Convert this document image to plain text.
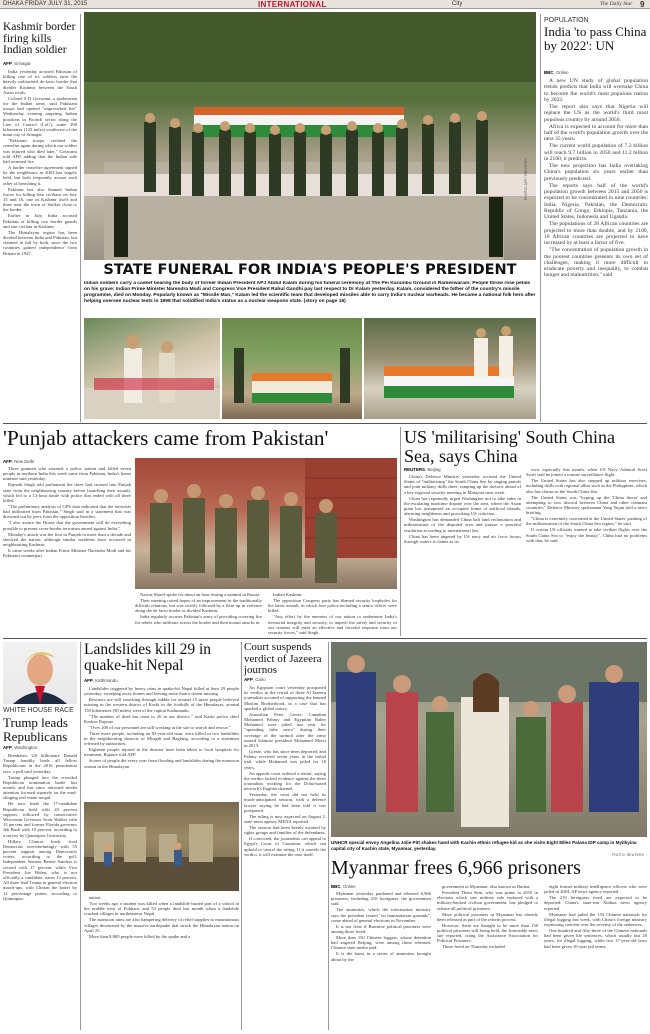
DHAKA FRIDAY JULY 31, 2015	INTERNATIONAL	City	The Daily Star 9
Kashmir border firing kills Indian soldier
AFP, Srinagar

India yesterday accused Pakistan of killing one of its soldiers near the heavily militarised de-facto border that divides Kashmir between the South Asian rivals.

Colonel S D Goswami, a spokesman for the Indian army, said Pakistani troops had opened "unprovoked fire" Wednesday evening targeting Indian positions in Poonch sector along the Line of Control (LoC), some 200 kilometres (125 miles) southwest of the main city of Srinagar.

"Pakistani troops violated the ceasefire again during which our soldier was injured who died later," Goswami told AFP, adding that the Indian side had returned fire.

A border ceasefire agreement signed by the neighbours in 2003 has largely held, but both frequently accuse each other of breaching it.

Pakistan has also blamed Indian forces for killing four civilians on July 15 and 16, one in Kashmir itself and three near the town of Sialkot close to the border.

Earlier in July, India accused Pakistan of killing two border guards and one civilian in Kashmir.

The Himalayan region has been divided between India and Pakistan, but claimed in full by both, since the two countries gained independence from Britain in 1947.

PHOTO: AFP / REUTERS
STATE FUNERAL FOR INDIA'S PEOPLE'S PRESIDENT
Indian soldiers carry a casket bearing the body of former Indian President APJ Abdul Kalam during his funeral ceremony at The Pei Karumbu Ground in Rameswaram; People throw rose petals on his grave; Indian Prime Minister Narendra Modi and Congress Vice President Rahul Gandhi pay last respect to Dr Kalam yesterday. Kalam, considered the father of the country's missile programme, died on Monday. Popularly known as "Missile Man," Kalam led the scientific team that developed missiles able to carry India's nuclear warheads. He became a national folk hero after helping oversee nuclear tests in 1998 that solidified India's status as a nuclear weapons state. (story on page 16)
POPULATION
India 'to pass China by 2022': UN
BBC, Online

A new UN study of global population trends predicts that India will overtake China to become the world's most populous nation by 2022.

The report also says that Nigeria will replace the US as the world's third most populous country by around 2050.

Africa is expected to account for more than half of the world's population growth over the next 35 years.

The current world population of 7.3 billion will reach 9.7 billion in 2050 and 11.2 billion in 2100, it predicts.

The new projection has India overtaking China's population six years earlier than previously predicted.

The reports says half of the world's population growth between 2015 and 2050 is expected to be concentrated in nine countries: India, Nigeria, Pakistan, the Democratic Republic of Congo, Ethiopia, Tanzania, the United States, Indonesia and Uganda.

The populations of 28 African countries are projected to more than double, and by 2100, 10 African countries are projected to have increased by at least a factor of five.

"The concentration of population growth in the poorest countries presents its own set of challenges, making it more difficult to eradicate poverty and inequality, to combat hunger and malnutrition," said

'Punjab attackers came from Pakistan'
AFP, New Delhi

Three gunmen who stormed a police station and killed seven people in northern India this week came from Pakistan, India's home minister said yesterday.

Rajnath Singh told parliament the three had crossed into Punjab state from the neighbouring country before launching their assault, which led to a 12-hour battle with police that ended with all three killed.

"The preliminary analysis of GPS data indicated that the terrorists had infiltrated from Pakistan," Singh said in a statement that was drowned out by jeers from the opposition benches.

"I also assure the House that the government will do everything possible to prevent cross-border terrorism aimed against India."

Monday's attack was the first in Punjab in more than a decade and shocked the nation, although similar incidents have occurred in neighbouring Kashmir.

It came weeks after Indian Prime Minister Narendra Modi and his Pakistani counterpart

Nawaz Sharif spoke for about an hour during a summit in Russia.

Their meeting raised hopes of an improvement in the traditionally difficult relations, but was swiftly followed by a flare-up in violence along the de facto border in divided Kashmir.

India regularly accuses Pakistan's army of providing covering fire for rebels who infiltrate across the border and then mount attacks in

Indian Kashmir.

The opposition Congress party has blamed security loopholes for the latest assault, in which four police including a senior officer were killed.

"Any effort by the enemies of our nation to undermine India's territorial integrity and security, to imperil the safety and security of our citizens will meet an effective and forceful response from our security forces," said Singh.

US 'militarising' South China Sea, says China
REUTERS, Beijing

China's Defence Ministry yesterday accused the United States of "militarising" the South China Sea by staging patrols and joint military drills there, ramping up the rhetoric ahead of a key regional security meeting in Malaysia next week.

China has repeatedly urged Washington not to take sides in the escalating maritime dispute over the area, where the Asian giant has juxtaposed an occupied frame of artificial islands, alarming neighbours and provoking US criticism.

Washington has demanded China halt land reclamation and militarisation of the disputed area and pursue a peaceful resolution according to international law.

China has been angered by US navy and air force forays through waters it claims as its

own, especially this month, when US Navy Admiral Scott Swift said he joined a routine surveillance flight.

The United States has also stepped up military exercises, including drills with regional allies such as the Philippines, which also has claims in the South China Sea.

The United States was "hyping up the 'China threat' and attempting to sow discord between China and other claimant countries," Defence Ministry spokesman Yang Yujun told a news briefing.

"China is extremely concerned at the United States' pushing of the militarisation of the South China Sea region," he said.

If certain US officials wanted to take civilian flights over the South China Sea to "enjoy the beauty", China had no problems with that, he said.

WHITE HOUSE RACE
Trump leads Republicans
AFP, Washington

Bombastic US billionaire Donald Trump handily leads all fellow Republicans in the 2016 presidential race, a poll said yesterday.

Trump plunged into the crowded Republican nomination battle last month, and has since attracted media attention focused squarely on the mud-slinging real estate mogul.

He now leads the 17-candidate Republican field with 20 percent support, followed by conservative Wisconsin Governor Scott Walker with 13 percent and former Florida governor Jeb Bush with 10 percent, according to a survey by Quinnipiac University.

Hillary Clinton leads rival Democrats overwhelmingly with 55 percent support among Democratic voters, according to the poll. Independent Senator Bernie Sanders is second with 17 percent, while Vice President Joe Biden, who is not officially a candidate, earns 13 percent. All three lead Trump in general election match-ups, with Clinton the hotter by 12 percentage points, according to Quinnipiac.

Landslides kill 29 in quake-hit Nepal
AFP, Kathmandu

Landslides triggered by heavy rains in quake-hit Nepal killed at least 29 people yesterday, sweeping away homes and leaving more than a dozen missing.

Rescuers are still searching through rubble for around 15 more people believed missing in the western district of Kaski in the foothills of the Himalayas, around 150 kilometres (90 miles) west of the capital Kathmandu.

"The number of dead has risen to 26 in our district," said Kaski police chief Keshav Rajaure.

"Over 200 of our personnel are still working at the site to search and rescue."

Three more people, including an 83-year-old man, were killed in two landslides in the neighbouring districts of Myagdi and Baglung, according to a statement released by authorities.

Eighteen people injured in the disaster have been taken to local hospitals for treatment, Rajaure told AFP.

Scores of people die every year from flooding and landslides during the monsoon season in the Himalayan

nation.

Two weeks ago a student was killed when a landslide buried part of a school in the middle west of Pokhara, and 53 people died last month when a landslide crushed villages in northeastern Nepal.

The monsoon rains are also hampering delivery of relief supplies to mountainous villages devastated by the massive earthquake that struck the Himalayan nation on April 25.

More than 8,800 people were killed by the quake and a

Court suspends verdict of Jazeera journos
AFP, Cairo

An Egyptian court yesterday postponed its verdict in the retrial of three Al Jazeera journalists accused of supporting the banned Muslim Brotherhood, in a case that has sparked a global outcry.

Australian Peter Greste, Canadian Mohamed Fahmy and Egyptian Baher Mohamed were jailed last year for "spreading false news" during their coverage of the turmoil after the army ousted Islamist president Mohamed Morsi in 2013.

Greste, who has since been deported, and Fahmy received seven years in the initial trial, while Mohamed was jailed for 10 years.

An appeals court ordered a retrial, saying the verdict lacked evidence against the three journalists working for the Doha-based network's English channel.

Yesterday, the court did not hold its much-anticipated session, with a defence lawyer saying he had been told it was postponed.

The ruling is now expected on August 2, state news agency MENA reported.

The session had been keenly awaited by rights groups and families of the defendants.

If convicted, the journalists can appeal to Egypt's Court of Cassation, which can uphold or cancel the ruling. If it cancels the verdict, it will examine the case itself.

UNHCR special envoy Angelina Jolie Pitt shakes hand with Kachin ethnic refugee kid as she visits Eight Miles Palana IDP camp in Myitkyina capital city of Kachin state, Myanmar, yesterday.
PHOTO: REUTERS
Myanmar frees 6,966 prisoners
BBC, Online

Myanmar yesterday pardoned and released 6,966 prisoners, including 210 foreigners, the government said.

The amnesties, which the information ministry says the president issued "on humanitarian grounds", come ahead of general elections in November.

It is not clear if Burmese political prisoners were among those freed.

More than 150 Chinese loggers, whose detention had angered Beijing, were among those released, Chinese state media said.

It is the latest in a series of amnesties brought about by the

government in Myanmar, also known as Burma.

President Thein Sein, who was prime to 2010 in elections which saw military rule replaced with a military-backed civilian government, has pledged to release all political prisoners.

More political prisoners in Myanmar has already been released as part of the reform process.

However, there are thought to be more than 150 political prisoners still being held, the Irrawaddy news site reported, citing the Assistance Association for Political Prisoners.

Those freed on Thursday included

eight former military intelligence officers who were jailed in 2004, AP news agency reported.

The 210 foreigners freed are expected to be deported. China's state-run Xinhua news agency reported.

Myanmar had jailed the 153 Chinese nationals for illegal logging last week, with China's foreign ministry expressing concern over the severity of the sentences.

One hundred and fifty-three of the Chinese nationals had been given life sentences, which usually last 20 years, for illegal logging, while two 17-year-old boys had been given 10-year jail terms.
